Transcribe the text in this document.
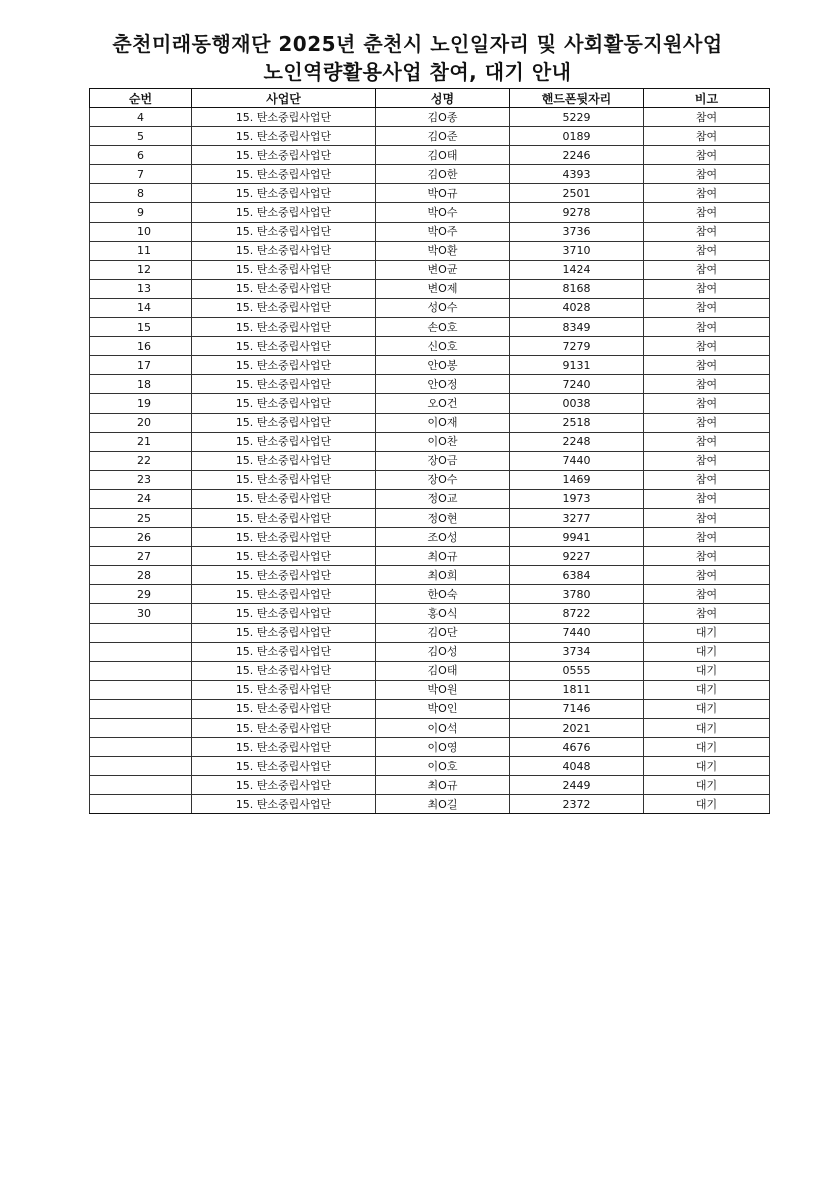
춘천미래동행재단 2025년 춘천시 노인일자리 및 사회활동지원사업
노인역량활용사업 참여, 대기 안내
순번	사업단	성명	핸드폰뒷자리	비고
4	15. 탄소중립사업단	김O종	5229	참여
5	15. 탄소중립사업단	김O준	0189	참여
6	15. 탄소중립사업단	김O태	2246	참여
7	15. 탄소중립사업단	김O한	4393	참여
8	15. 탄소중립사업단	박O규	2501	참여
9	15. 탄소중립사업단	박O수	9278	참여
10	15. 탄소중립사업단	박O주	3736	참여
11	15. 탄소중립사업단	박O환	3710	참여
12	15. 탄소중립사업단	변O균	1424	참여
13	15. 탄소중립사업단	변O제	8168	참여
14	15. 탄소중립사업단	성O수	4028	참여
15	15. 탄소중립사업단	손O호	8349	참여
16	15. 탄소중립사업단	신O호	7279	참여
17	15. 탄소중립사업단	안O봉	9131	참여
18	15. 탄소중립사업단	안O정	7240	참여
19	15. 탄소중립사업단	오O건	0038	참여
20	15. 탄소중립사업단	이O재	2518	참여
21	15. 탄소중립사업단	이O찬	2248	참여
22	15. 탄소중립사업단	장O금	7440	참여
23	15. 탄소중립사업단	장O수	1469	참여
24	15. 탄소중립사업단	정O교	1973	참여
25	15. 탄소중립사업단	정O현	3277	참여
26	15. 탄소중립사업단	조O성	9941	참여
27	15. 탄소중립사업단	최O규	9227	참여
28	15. 탄소중립사업단	최O희	6384	참여
29	15. 탄소중립사업단	한O숙	3780	참여
30	15. 탄소중립사업단	홍O식	8722	참여
	15. 탄소중립사업단	김O단	7440	대기
	15. 탄소중립사업단	김O성	3734	대기
	15. 탄소중립사업단	김O태	0555	대기
	15. 탄소중립사업단	박O원	1811	대기
	15. 탄소중립사업단	박O인	7146	대기
	15. 탄소중립사업단	이O석	2021	대기
	15. 탄소중립사업단	이O영	4676	대기
	15. 탄소중립사업단	이O호	4048	대기
	15. 탄소중립사업단	최O규	2449	대기
	15. 탄소중립사업단	최O길	2372	대기
